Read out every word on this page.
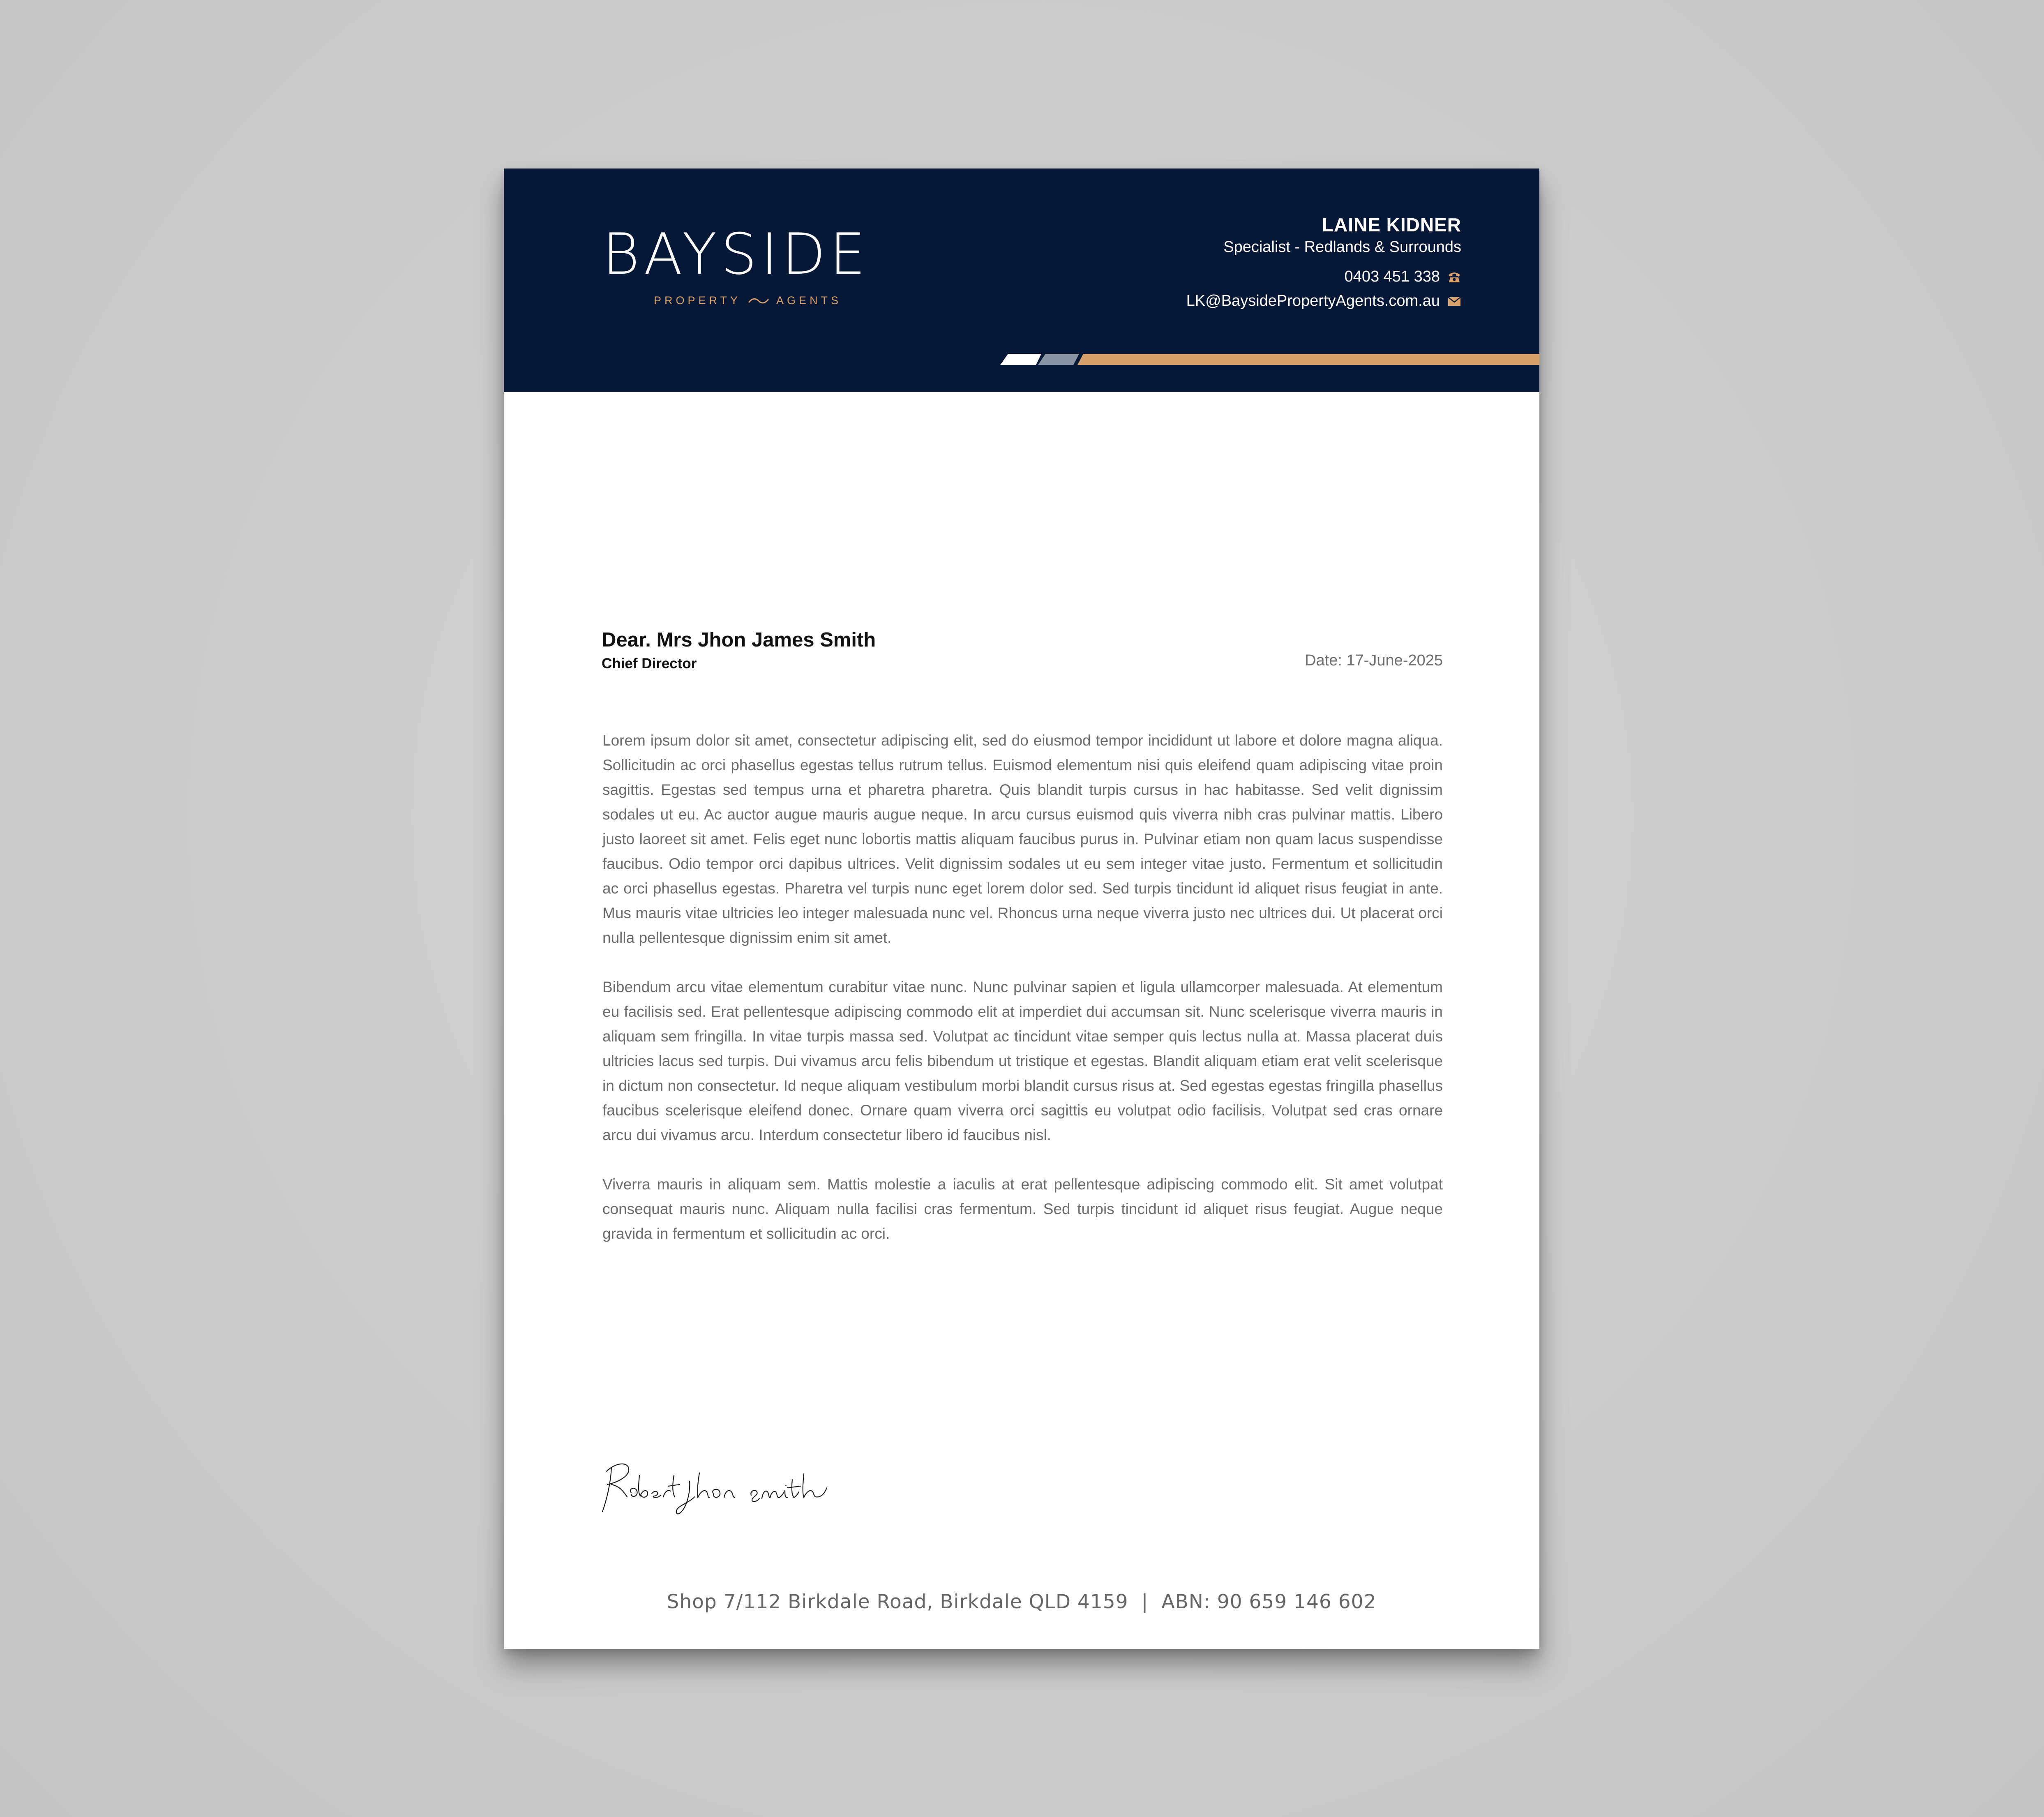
BAYSIDE
PROPERTY	AGENTS
LAINE KIDNER
Specialist - Redlands & Surrounds
0403 451 338
LK@BaysidePropertyAgents.com.au
Dear. Mrs Jhon James Smith
Chief Director	Date: 17-June-2025

Lorem ipsum dolor sit amet, consectetur adipiscing elit, sed do eiusmod tempor incididunt ut labore et dolore magna aliqua. Sollicitudin ac orci phasellus egestas tellus rutrum tellus. Euismod elementum nisi quis eleifend quam adipiscing vitae proin sagittis. Egestas sed tempus urna et pharetra pharetra. Quis blandit turpis cursus in hac habitasse. Sed velit dignissim sodales ut eu. Ac auctor augue mauris augue neque. In arcu cursus euismod quis viverra nibh cras pulvinar mattis. Libero justo laoreet sit amet. Felis eget nunc lobortis mattis aliquam faucibus purus in. Pulvinar etiam non quam lacus suspendisse faucibus. Odio tempor orci dapibus ultrices. Velit dignissim sodales ut eu sem integer vitae justo. Fermentum et sollicitudin ac orci phasellus egestas. Pharetra vel turpis nunc eget lorem dolor sed. Sed turpis tincidunt id aliquet risus feugiat in ante. Mus mauris vitae ultricies leo integer malesuada nunc vel. Rhoncus urna neque viverra justo nec ultrices dui. Ut placerat orci nulla pellentesque dignissim enim sit amet.

Bibendum arcu vitae elementum curabitur vitae nunc. Nunc pulvinar sapien et ligula ullamcorper malesuada. At elementum eu facilisis sed. Erat pellentesque adipiscing commodo elit at imperdiet dui accumsan sit. Nunc scelerisque viverra mauris in aliquam sem fringilla. In vitae turpis massa sed. Volutpat ac tincidunt vitae semper quis lectus nulla at. Massa placerat duis ultricies lacus sed turpis. Dui vivamus arcu felis bibendum ut tristique et egestas. Blandit aliquam etiam erat velit scelerisque in dictum non consectetur. Id neque aliquam vestibulum morbi blandit cursus risus at. Sed egestas egestas fringilla phasellus faucibus scelerisque eleifend donec. Ornare quam viverra orci sagittis eu volutpat odio facilisis. Volutpat sed cras ornare arcu dui vivamus arcu. Interdum consectetur libero id faucibus nisl.

Viverra mauris in aliquam sem. Mattis molestie a iaculis at erat pellentesque adipiscing commodo elit. Sit amet volutpat consequat mauris nunc. Aliquam nulla facilisi cras fermentum. Sed turpis tincidunt id aliquet risus feugiat. Augue neque gravida in fermentum et sollicitudin ac orci.

Shop 7/112 Birkdale Road, Birkdale QLD 4159 | ABN: 90 659 146 602
